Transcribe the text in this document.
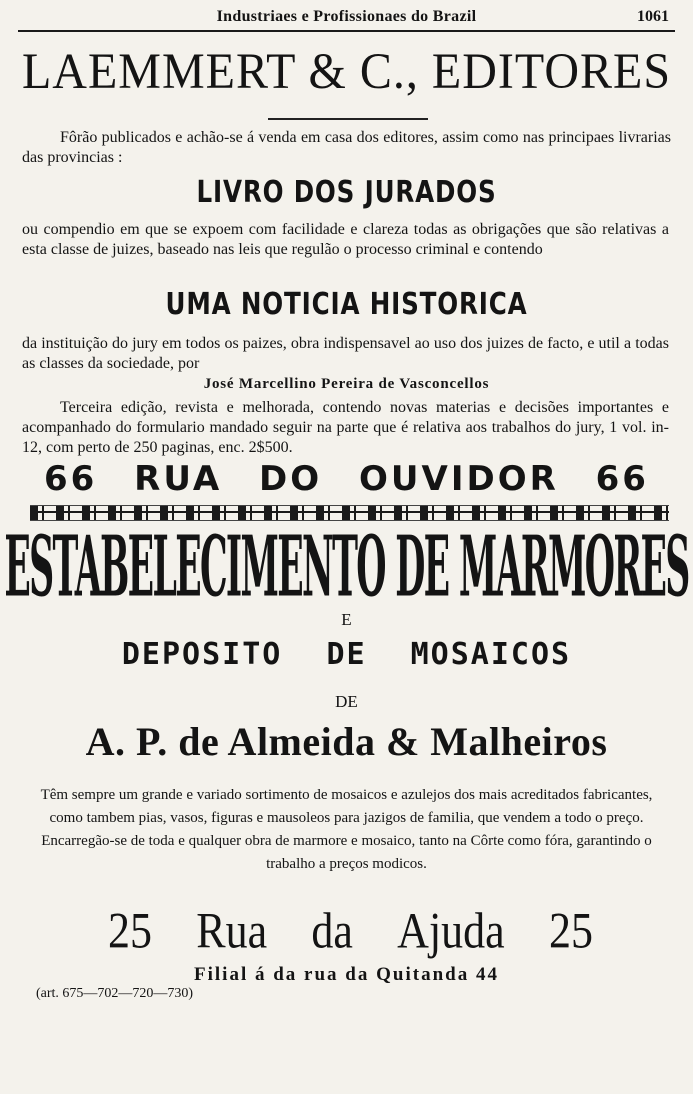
Industriaes e Profissionaes do Brazil	1061
LAEMMERT & C., EDITORES
Fôrão publicados e achão-se á venda em casa dos editores, assim como nas principaes livrarias das provincias :
LIVRO DOS JURADOS
ou compendio em que se expoem com facilidade e clareza todas as obrigações que são relativas a esta classe de juizes, baseado nas leis que regulão o processo criminal e contendo
UMA NOTICIA HISTORICA
da instituição do jury em todos os paizes, obra indispensavel ao uso dos juizes de facto, e util a todas as classes da sociedade, por
José Marcellino Pereira de Vasconcellos
Terceira edição, revista e melhorada, contendo novas materias e decisões importantes e acompanhado do formulario mandado seguir na parte que é relativa aos trabalhos do jury, 1 vol. in-12, com perto de 250 paginas, enc. 2$500.
66 RUA DO OUVIDOR 66
ESTABELECIMENTO DE MARMORES
E
DEPOSITO DE MOSAICOS
DE
A. P. de Almeida & Malheiros
Têm sempre um grande e variado sortimento de mosaicos e azulejos dos mais acreditados fabricantes, como tambem pias, vasos, figuras e mausoleos para jazigos de familia, que vendem a todo o preço. Encarregão-se de toda e qualquer obra de marmore e mosaico, tanto na Côrte como fóra, garantindo o trabalho a preços modicos.
25 Rua da Ajuda 25
Filial á da rua da Quitanda 44
(art. 675—702—720—730)
